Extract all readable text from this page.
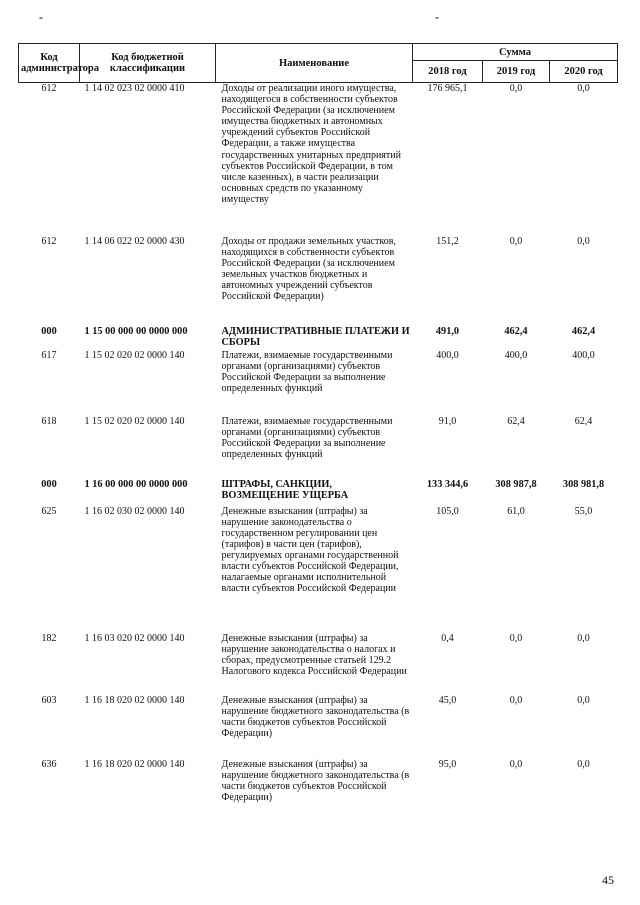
-	-
Код администратора	Код бюджетной классификации	Наименование	Сумма		
			2018 год	2019 год	2020 год
612	1 14 02 023 02 0000 410	Доходы от реализации иного имущества, находящегося в собственности субъектов Российской Федерации (за исключением имущества бюджетных и автономных учреждений субъектов Российской Федерации, а также имущества государственных унитарных предприятий субъектов Российской Федерации, в том числе казенных), в части реализации основных средств по указанному имуществу	176 965,1	0,0	0,0
612	1 14 06 022 02 0000 430	Доходы от продажи земельных участков, находящихся в собственности субъектов Российской Федерации (за исключением земельных участков бюджетных и автономных учреждений субъектов Российской Федерации)	151,2	0,0	0,0
000	1 15 00 000 00 0000 000	АДМИНИСТРАТИВНЫЕ ПЛАТЕЖИ И СБОРЫ	491,0	462,4	462,4
617	1 15 02 020 02 0000 140	Платежи, взимаемые государственными органами (организациями) субъектов Российской Федерации за выполнение определенных функций	400,0	400,0	400,0
618	1 15 02 020 02 0000 140	Платежи, взимаемые государственными органами (организациями) субъектов Российской Федерации за выполнение определенных функций	91,0	62,4	62,4
000	1 16 00 000 00 0000 000	ШТРАФЫ, САНКЦИИ, ВОЗМЕЩЕНИЕ УЩЕРБА	133 344,6	308 987,8	308 981,8
625	1 16 02 030 02 0000 140	Денежные взыскания (штрафы) за нарушение законодательства о государственном регулировании цен (тарифов) в части цен (тарифов), регулируемых органами государственной власти субъектов Российской Федерации, налагаемые органами исполнительной власти субъектов Российской Федерации	105,0	61,0	55,0
182	1 16 03 020 02 0000 140	Денежные взыскания (штрафы) за нарушение законодательства о налогах и сборах, предусмотренные статьей 129.2 Налогового кодекса Российской Федерации	0,4	0,0	0,0
603	1 16 18 020 02 0000 140	Денежные взыскания (штрафы) за нарушение бюджетного законодательства (в части бюджетов субъектов Российской Федерации)	45,0	0,0	0,0
636	1 16 18 020 02 0000 140	Денежные взыскания (штрафы) за нарушение бюджетного законодательства (в части бюджетов субъектов Российской Федерации)	95,0	0,0	0,0
45
